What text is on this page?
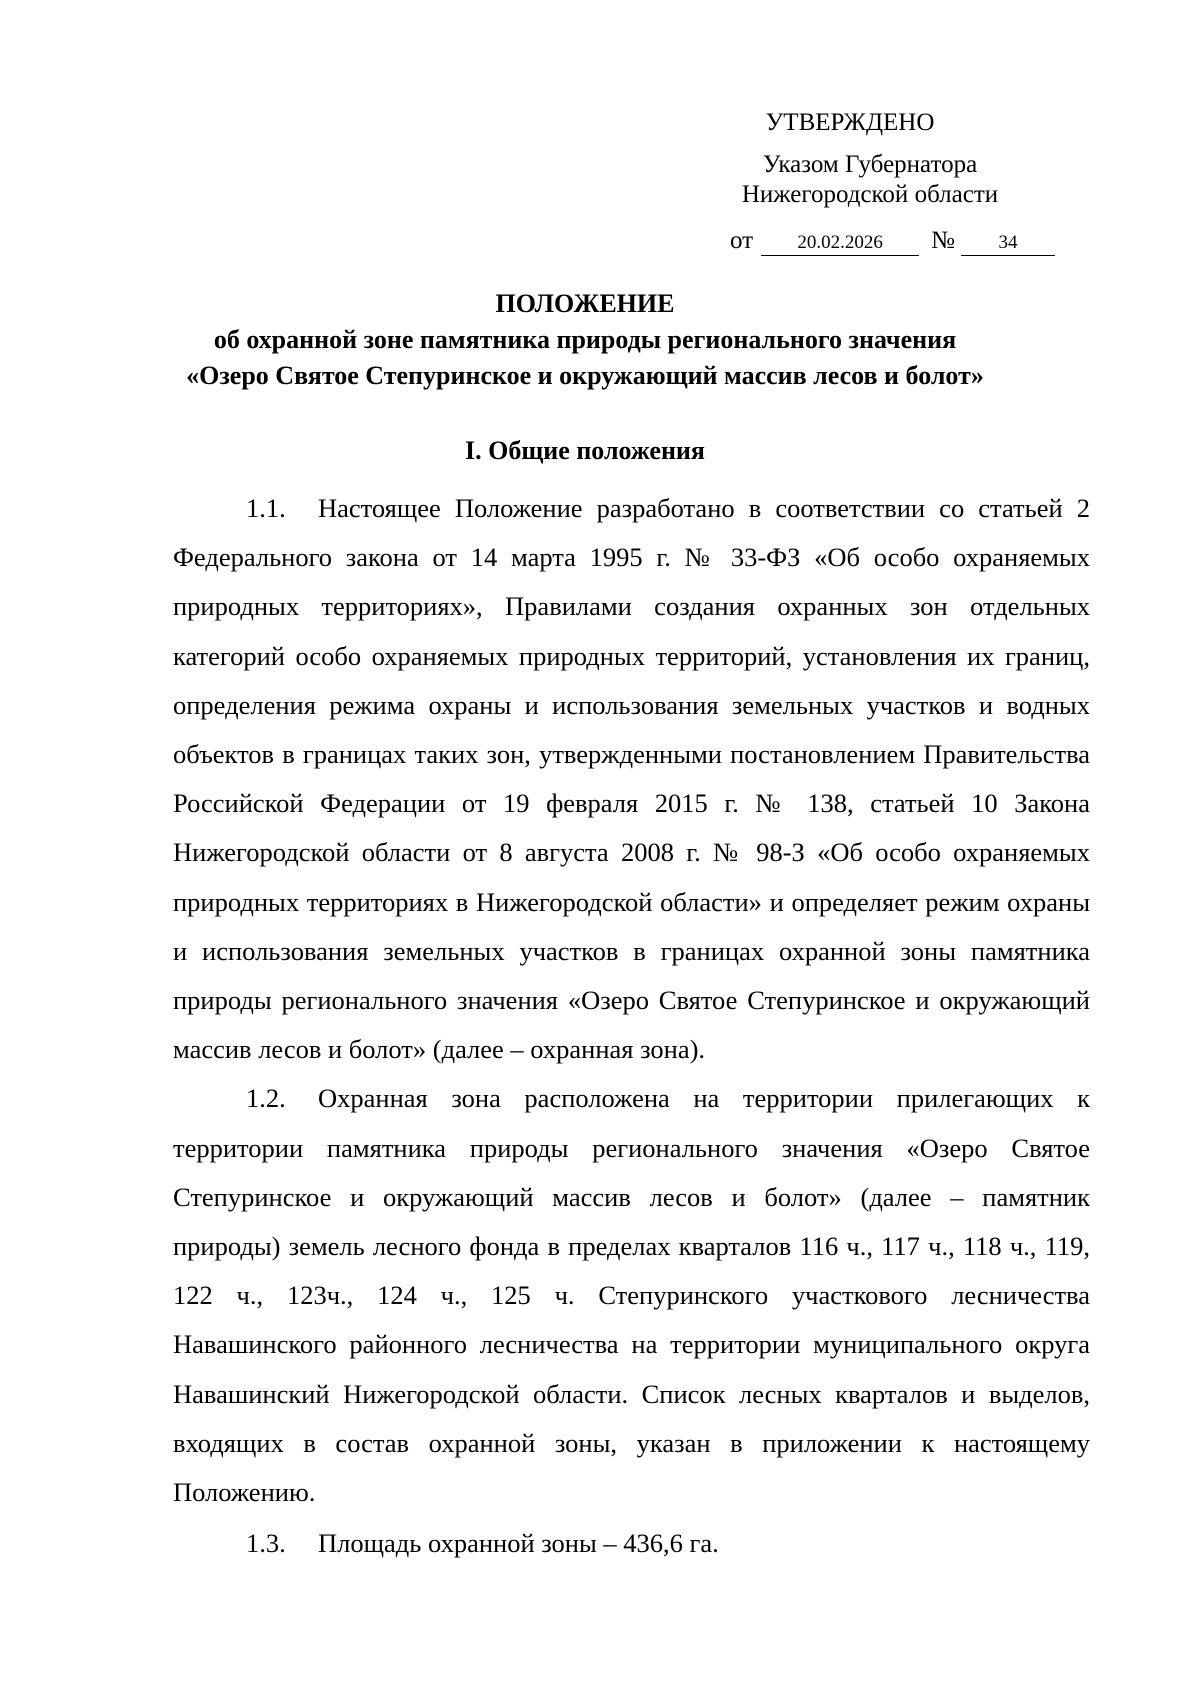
УТВЕРЖДЕНО
Указом Губернатора
Нижегородской области
от 20.02.2026 № 34
ПОЛОЖЕНИЕ
об охранной зоне памятника природы регионального значения
«Озеро Святое Степуринское и окружающий массив лесов и болот»
I. Общие положения

1.1. Настоящее Положение разработано в соответствии со статьей 2 Федерального закона от 14 марта 1995 г. № 33-ФЗ «Об особо охраняемых природных территориях», Правилами создания охранных зон отдельных категорий особо охраняемых природных территорий, установления их границ, определения режима охраны и использования земельных участков и водных объектов в границах таких зон, утвержденными постановлением Правительства Российской Федерации от 19 февраля 2015 г. № 138, статьей 10 Закона Нижегородской области от 8 августа 2008 г. № 98-З «Об особо охраняемых природных территориях в Нижегородской области» и определяет режим охраны и использования земельных участков в границах охранной зоны памятника природы регионального значения «Озеро Святое Степуринское и окружающий массив лесов и болот» (далее – охранная зона).

1.2. Охранная зона расположена на территории прилегающих к территории памятника природы регионального значения «Озеро Святое Степуринское и окружающий массив лесов и болот» (далее – памятник природы) земель лесного фонда в пределах кварталов 116 ч., 117 ч., 118 ч., 119, 122 ч., 123ч., 124 ч., 125 ч. Степуринского участкового лесничества Навашинского районного лесничества на территории муниципального округа Навашинский Нижегородской области. Список лесных кварталов и выделов, входящих в состав охранной зоны, указан в приложении к настоящему Положению.

1.3. Площадь охранной зоны – 436,6 га.
